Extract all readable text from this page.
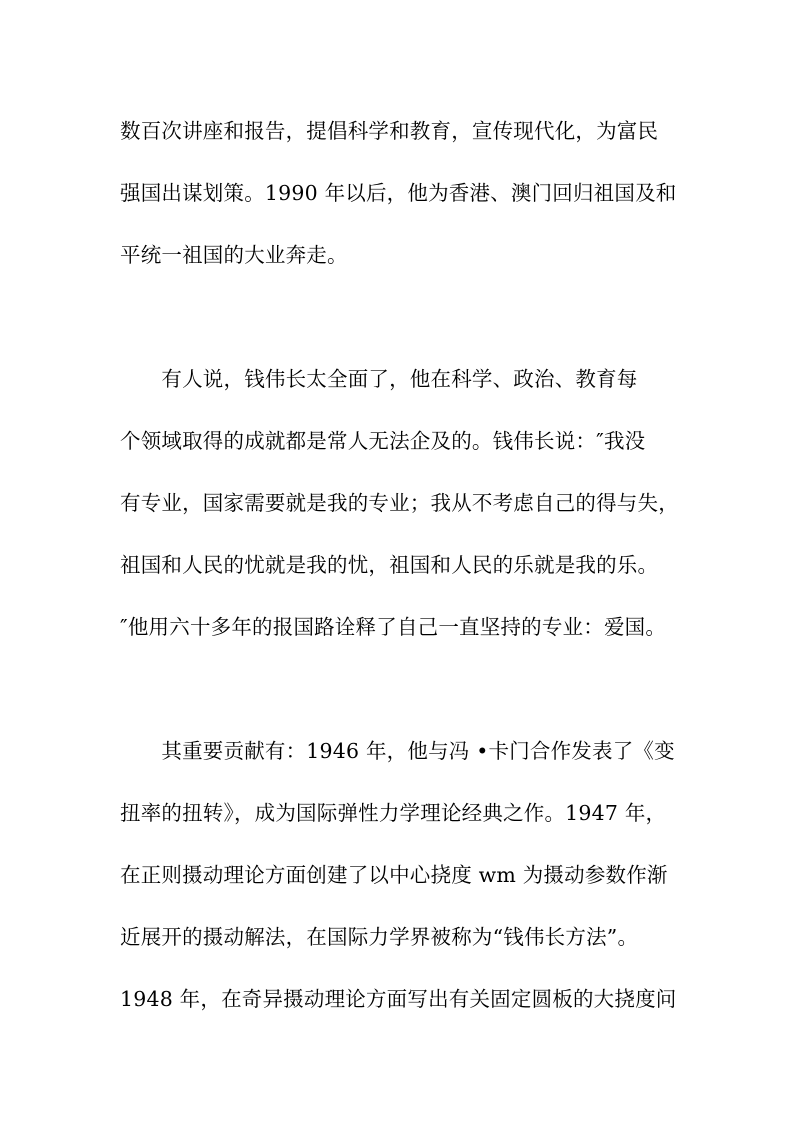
数百次讲座和报告，提倡科学和教育，宣传现代化，为富民
强国出谋划策。1990 年以后，他为香港、澳门回归祖国及和
平统一祖国的大业奔走。
　　有人说，钱伟长太全面了，他在科学、政治、教育每
个领域取得的成就都是常人无法企及的。钱伟长说：″我没
有专业，国家需要就是我的专业；我从不考虑自己的得与失，
祖国和人民的忧就是我的忧，祖国和人民的乐就是我的乐。
″他用六十多年的报国路诠释了自己一直坚持的专业：爱国。
　　其重要贡献有：1946 年，他与冯 •卡门合作发表了《变
扭率的扭转》，成为国际弹性力学理论经典之作。1947 年，
在正则摄动理论方面创建了以中心挠度 wm 为摄动参数作渐
近展开的摄动解法，在国际力学界被称为“钱伟长方法”。
1948 年，在奇异摄动理论方面写出有关固定圆板的大挠度问
